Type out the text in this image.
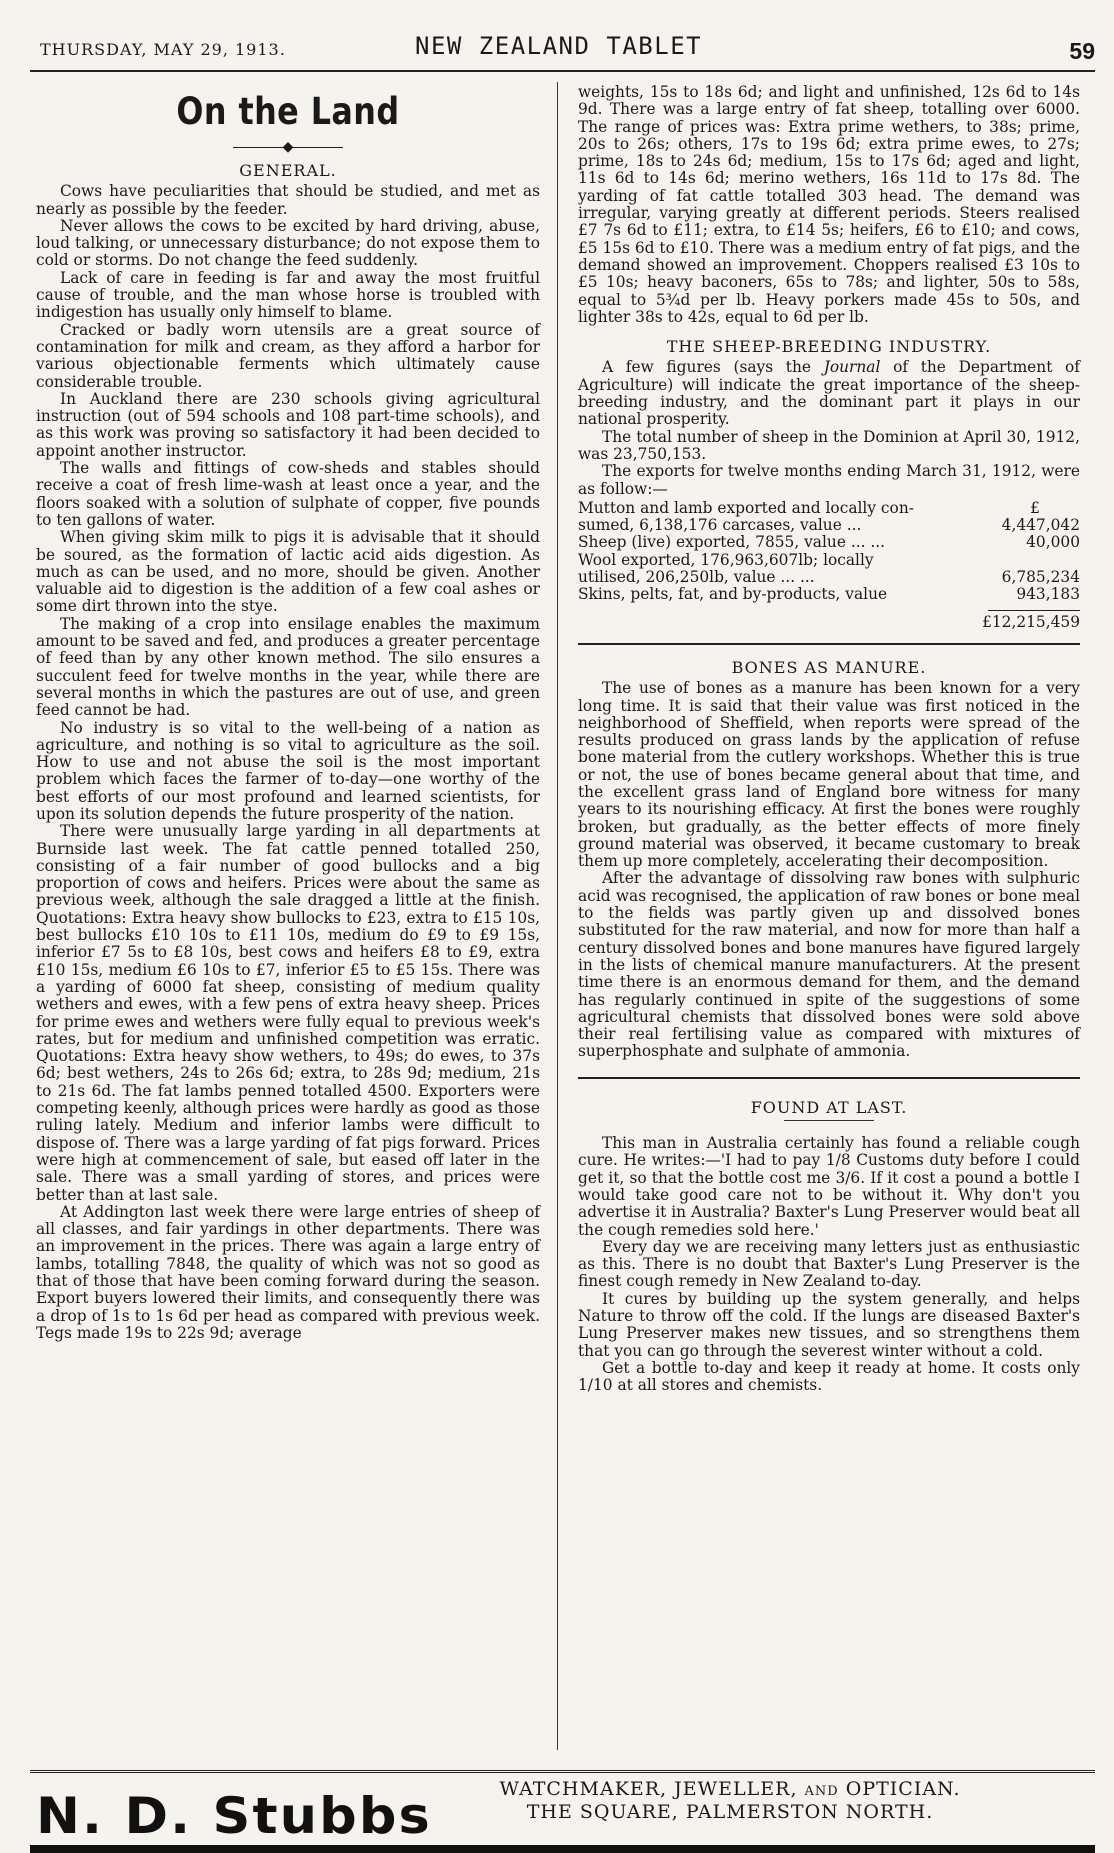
THURSDAY, MAY 29, 1913.	NEW ZEALAND TABLET	59
On the Land
◆
GENERAL.

Cows have peculiarities that should be studied, and met as nearly as possible by the feeder.

Never allows the cows to be excited by hard driving, abuse, loud talking, or unnecessary disturbance; do not expose them to cold or storms. Do not change the feed suddenly.

Lack of care in feeding is far and away the most fruitful cause of trouble, and the man whose horse is troubled with indigestion has usually only himself to blame.

Cracked or badly worn utensils are a great source of contamination for milk and cream, as they afford a harbor for various objectionable ferments which ultimately cause considerable trouble.

In Auckland there are 230 schools giving agricultural instruction (out of 594 schools and 108 part-time schools), and as this work was proving so satisfactory it had been decided to appoint another instructor.

The walls and fittings of cow-sheds and stables should receive a coat of fresh lime-wash at least once a year, and the floors soaked with a solution of sulphate of copper, five pounds to ten gallons of water.

When giving skim milk to pigs it is advisable that it should be soured, as the formation of lactic acid aids digestion. As much as can be used, and no more, should be given. Another valuable aid to digestion is the addition of a few coal ashes or some dirt thrown into the stye.

The making of a crop into ensilage enables the maximum amount to be saved and fed, and produces a greater percentage of feed than by any other known method. The silo ensures a succulent feed for twelve months in the year, while there are several months in which the pastures are out of use, and green feed cannot be had.

No industry is so vital to the well-being of a nation as agriculture, and nothing is so vital to agriculture as the soil. How to use and not abuse the soil is the most important problem which faces the farmer of to-day—one worthy of the best efforts of our most profound and learned scientists, for upon its solution depends the future prosperity of the nation.

There were unusually large yarding in all departments at Burnside last week. The fat cattle penned totalled 250, consisting of a fair number of good bullocks and a big proportion of cows and heifers. Prices were about the same as previous week, although the sale dragged a little at the finish. Quotations: Extra heavy show bullocks to £23, extra to £15 10s, best bullocks £10 10s to £11 10s, medium do £9 to £9 15s, inferior £7 5s to £8 10s, best cows and heifers £8 to £9, extra £10 15s, medium £6 10s to £7, inferior £5 to £5 15s. There was a yarding of 6000 fat sheep, consisting of medium quality wethers and ewes, with a few pens of extra heavy sheep. Prices for prime ewes and wethers were fully equal to previous week's rates, but for medium and unfinished competition was erratic. Quotations: Extra heavy show wethers, to 49s; do ewes, to 37s 6d; best wethers, 24s to 26s 6d; extra, to 28s 9d; medium, 21s to 21s 6d. The fat lambs penned totalled 4500. Exporters were competing keenly, although prices were hardly as good as those ruling lately. Medium and inferior lambs were difficult to dispose of. There was a large yarding of fat pigs forward. Prices were high at commencement of sale, but eased off later in the sale. There was a small yarding of stores, and prices were better than at last sale.

At Addington last week there were large entries of sheep of all classes, and fair yardings in other departments. There was an improvement in the prices. There was again a large entry of lambs, totalling 7848, the quality of which was not so good as that of those that have been coming forward during the season. Export buyers lowered their limits, and consequently there was a drop of 1s to 1s 6d per head as compared with previous week. Tegs made 19s to 22s 9d; average

weights, 15s to 18s 6d; and light and unfinished, 12s 6d to 14s 9d. There was a large entry of fat sheep, totalling over 6000. The range of prices was: Extra prime wethers, to 38s; prime, 20s to 26s; others, 17s to 19s 6d; extra prime ewes, to 27s; prime, 18s to 24s 6d; medium, 15s to 17s 6d; aged and light, 11s 6d to 14s 6d; merino wethers, 16s 11d to 17s 8d. The yarding of fat cattle totalled 303 head. The demand was irregular, varying greatly at different periods. Steers realised £7 7s 6d to £11; extra, to £14 5s; heifers, £6 to £10; and cows, £5 15s 6d to £10. There was a medium entry of fat pigs, and the demand showed an improvement. Choppers realised £3 10s to £5 10s; heavy baconers, 65s to 78s; and lighter, 50s to 58s, equal to 5¾d per lb. Heavy porkers made 45s to 50s, and lighter 38s to 42s, equal to 6d per lb.

THE SHEEP-BREEDING INDUSTRY.

A few figures (says the Journal of the Department of Agriculture) will indicate the great importance of the sheep-breeding industry, and the dominant part it plays in our national prosperity.

The total number of sheep in the Dominion at April 30, 1912, was 23,750,153.

The exports for twelve months ending March 31, 1912, were as follow:—

Mutton and lamb exported and locally con-	£
sumed, 6,138,176 carcases, value ...	4,447,042
Sheep (live) exported, 7855, value ... ...	40,000
Wool exported, 176,963,607lb; locally	
utilised, 206,250lb, value ... ...	6,785,234
Skins, pelts, fat, and by-products, value	943,183
£12,215,459
BONES AS MANURE.

The use of bones as a manure has been known for a very long time. It is said that their value was first noticed in the neighborhood of Sheffield, when reports were spread of the results produced on grass lands by the application of refuse bone material from the cutlery workshops. Whether this is true or not, the use of bones became general about that time, and the excellent grass land of England bore witness for many years to its nourishing efficacy. At first the bones were roughly broken, but gradually, as the better effects of more finely ground material was observed, it became customary to break them up more completely, accelerating their decomposition.

After the advantage of dissolving raw bones with sulphuric acid was recognised, the application of raw bones or bone meal to the fields was partly given up and dissolved bones substituted for the raw material, and now for more than half a century dissolved bones and bone manures have figured largely in the lists of chemical manure manufacturers. At the present time there is an enormous demand for them, and the demand has regularly continued in spite of the suggestions of some agricultural chemists that dissolved bones were sold above their real fertilising value as compared with mixtures of superphosphate and sulphate of ammonia.

FOUND AT LAST.

This man in Australia certainly has found a reliable cough cure. He writes:—'I had to pay 1/8 Customs duty before I could get it, so that the bottle cost me 3/6. If it cost a pound a bottle I would take good care not to be without it. Why don't you advertise it in Australia? Baxter's Lung Preserver would beat all the cough remedies sold here.'

Every day we are receiving many letters just as enthusiastic as this. There is no doubt that Baxter's Lung Preserver is the finest cough remedy in New Zealand to-day.

It cures by building up the system generally, and helps Nature to throw off the cold. If the lungs are diseased Baxter's Lung Preserver makes new tissues, and so strengthens them that you can go through the severest winter without a cold.

Get a bottle to-day and keep it ready at home. It costs only 1/10 at all stores and chemists.

N. D. Stubbs	WATCHMAKER, JEWELLER, AND OPTICIAN.
THE SQUARE, PALMERSTON NORTH.
